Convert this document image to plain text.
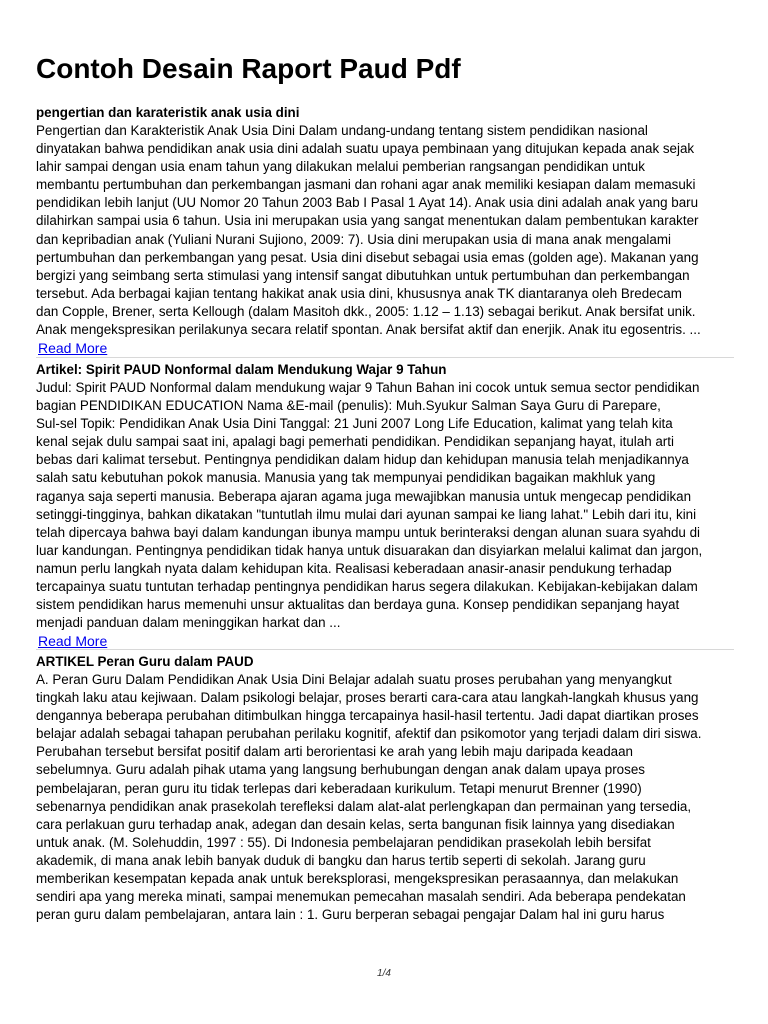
Contoh Desain Raport Paud Pdf
pengertian dan karateristik anak usia dini

Pengertian dan Karakteristik Anak Usia Dini Dalam undang-undang tentang sistem pendidikan nasional
dinyatakan bahwa pendidikan anak usia dini adalah suatu upaya pembinaan yang ditujukan kepada anak sejak
lahir sampai dengan usia enam tahun yang dilakukan melalui pemberian rangsangan pendidikan untuk
membantu pertumbuhan dan perkembangan jasmani dan rohani agar anak memiliki kesiapan dalam memasuki
pendidikan lebih lanjut (UU Nomor 20 Tahun 2003 Bab I Pasal 1 Ayat 14). Anak usia dini adalah anak yang baru
dilahirkan sampai usia 6 tahun. Usia ini merupakan usia yang sangat menentukan dalam pembentukan karakter
dan kepribadian anak (Yuliani Nurani Sujiono, 2009: 7). Usia dini merupakan usia di mana anak mengalami
pertumbuhan dan perkembangan yang pesat. Usia dini disebut sebagai usia emas (golden age). Makanan yang
bergizi yang seimbang serta stimulasi yang intensif sangat dibutuhkan untuk pertumbuhan dan perkembangan
tersebut. Ada berbagai kajian tentang hakikat anak usia dini, khususnya anak TK diantaranya oleh Bredecam
dan Copple, Brener, serta Kellough (dalam Masitoh dkk., 2005: 1.12 – 1.13) sebagai berikut. Anak bersifat unik.
Anak mengekspresikan perilakunya secara relatif spontan. Anak bersifat aktif dan enerjik. Anak itu egosentris. ...

Read More
Artikel: Spirit PAUD Nonformal dalam Mendukung Wajar 9 Tahun

Judul: Spirit PAUD Nonformal dalam mendukung wajar 9 Tahun Bahan ini cocok untuk semua sector pendidikan
bagian PENDIDIKAN EDUCATION Nama &E-mail (penulis): Muh.Syukur Salman Saya Guru di Parepare,
Sul-sel Topik: Pendidikan Anak Usia Dini Tanggal: 21 Juni 2007 Long Life Education, kalimat yang telah kita
kenal sejak dulu sampai saat ini, apalagi bagi pemerhati pendidikan. Pendidikan sepanjang hayat, itulah arti
bebas dari kalimat tersebut. Pentingnya pendidikan dalam hidup dan kehidupan manusia telah menjadikannya
salah satu kebutuhan pokok manusia. Manusia yang tak mempunyai pendidikan bagaikan makhluk yang
raganya saja seperti manusia. Beberapa ajaran agama juga mewajibkan manusia untuk mengecap pendidikan
setinggi-tingginya, bahkan dikatakan "tuntutlah ilmu mulai dari ayunan sampai ke liang lahat." Lebih dari itu, kini
telah dipercaya bahwa bayi dalam kandungan ibunya mampu untuk berinteraksi dengan alunan suara syahdu di
luar kandungan. Pentingnya pendidikan tidak hanya untuk disuarakan dan disyiarkan melalui kalimat dan jargon,
namun perlu langkah nyata dalam kehidupan kita. Realisasi keberadaan anasir-anasir pendukung terhadap
tercapainya suatu tuntutan terhadap pentingnya pendidikan harus segera dilakukan. Kebijakan-kebijakan dalam
sistem pendidikan harus memenuhi unsur aktualitas dan berdaya guna. Konsep pendidikan sepanjang hayat
menjadi panduan dalam meninggikan harkat dan ...

Read More
ARTIKEL Peran Guru dalam PAUD

A. Peran Guru Dalam Pendidikan Anak Usia Dini Belajar adalah suatu proses perubahan yang menyangkut
tingkah laku atau kejiwaan. Dalam psikologi belajar, proses berarti cara-cara atau langkah-langkah khusus yang
dengannya beberapa perubahan ditimbulkan hingga tercapainya hasil-hasil tertentu. Jadi dapat diartikan proses
belajar adalah sebagai tahapan perubahan perilaku kognitif, afektif dan psikomotor yang terjadi dalam diri siswa.
Perubahan tersebut bersifat positif dalam arti berorientasi ke arah yang lebih maju daripada keadaan
sebelumnya. Guru adalah pihak utama yang langsung berhubungan dengan anak dalam upaya proses
pembelajaran, peran guru itu tidak terlepas dari keberadaan kurikulum. Tetapi menurut Brenner (1990)
sebenarnya pendidikan anak prasekolah terefleksi dalam alat-alat perlengkapan dan permainan yang tersedia,
cara perlakuan guru terhadap anak, adegan dan desain kelas, serta bangunan fisik lainnya yang disediakan
untuk anak. (M. Solehuddin, 1997 : 55). Di Indonesia pembelajaran pendidikan prasekolah lebih bersifat
akademik, di mana anak lebih banyak duduk di bangku dan harus tertib seperti di sekolah. Jarang guru
memberikan kesempatan kepada anak untuk bereksplorasi, mengekspresikan perasaannya, dan melakukan
sendiri apa yang mereka minati, sampai menemukan pemecahan masalah sendiri. Ada beberapa pendekatan
peran guru dalam pembelajaran, antara lain : 1. Guru berperan sebagai pengajar Dalam hal ini guru harus

1/4
